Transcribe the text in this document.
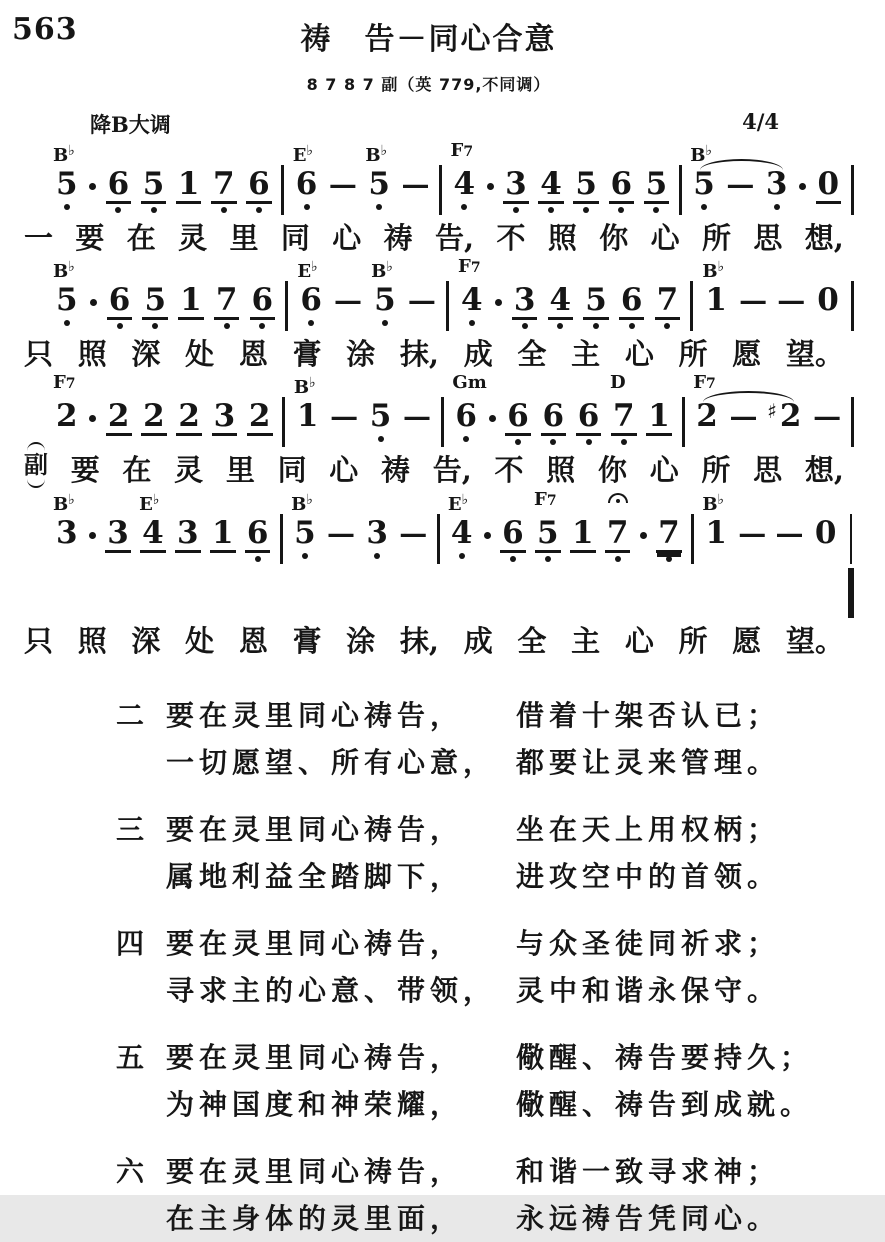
563	祷　告－同心合意
8 7 8 7 副（英 779,不同调）
降B大调	4/4
B♭
5 6 5 1 7 6
E♭
6 —
B♭
5 —
F7
4 3 4 5 6 5
B♭
5 — 3 0
一 要 在 灵 里 同 心 祷 告, 不 照 你 心 所 思 想,
B♭
5 6 5 1 7 6
E♭
6 —
B♭
5 —
F7
4 3 4 5 6 7
B♭
1 — — 0
只 照 深 处 恩 膏 涂 抹, 成 全 主 心 所 愿 望。
F7
2 2 2 2 3 2
B♭
1 — 5 —
Gm
6 6 6 6
D
7 1
F7
2 — ♯ 2 —
副 要 在 灵 里 同 心 祷 告, 不 照 你 心 所 思 想,
B♭
3 3
E♭
4 3 1 6
B♭
5 — 3 —
E♭
4 6
F7
5 1 7 7
B♭
1 — — 0
只 照 深 处 恩 膏 涂 抹, 成 全 主 心 所 愿 望。
二 要在灵里同心祷告，	借着十架否认已；
一切愿望、所有心意， 都要让灵来管理。
三 要在灵里同心祷告，	坐在天上用权柄；
属地利益全踏脚下，	进攻空中的首领。
四 要在灵里同心祷告，	与众圣徒同祈求；
寻求主的心意、带领， 灵中和谐永保守。
五 要在灵里同心祷告，	儆醒、祷告要持久；
为神国度和神荣耀，	儆醒、祷告到成就。
六 要在灵里同心祷告，	和谐一致寻求神；
在主身体的灵里面，	永远祷告凭同心。
